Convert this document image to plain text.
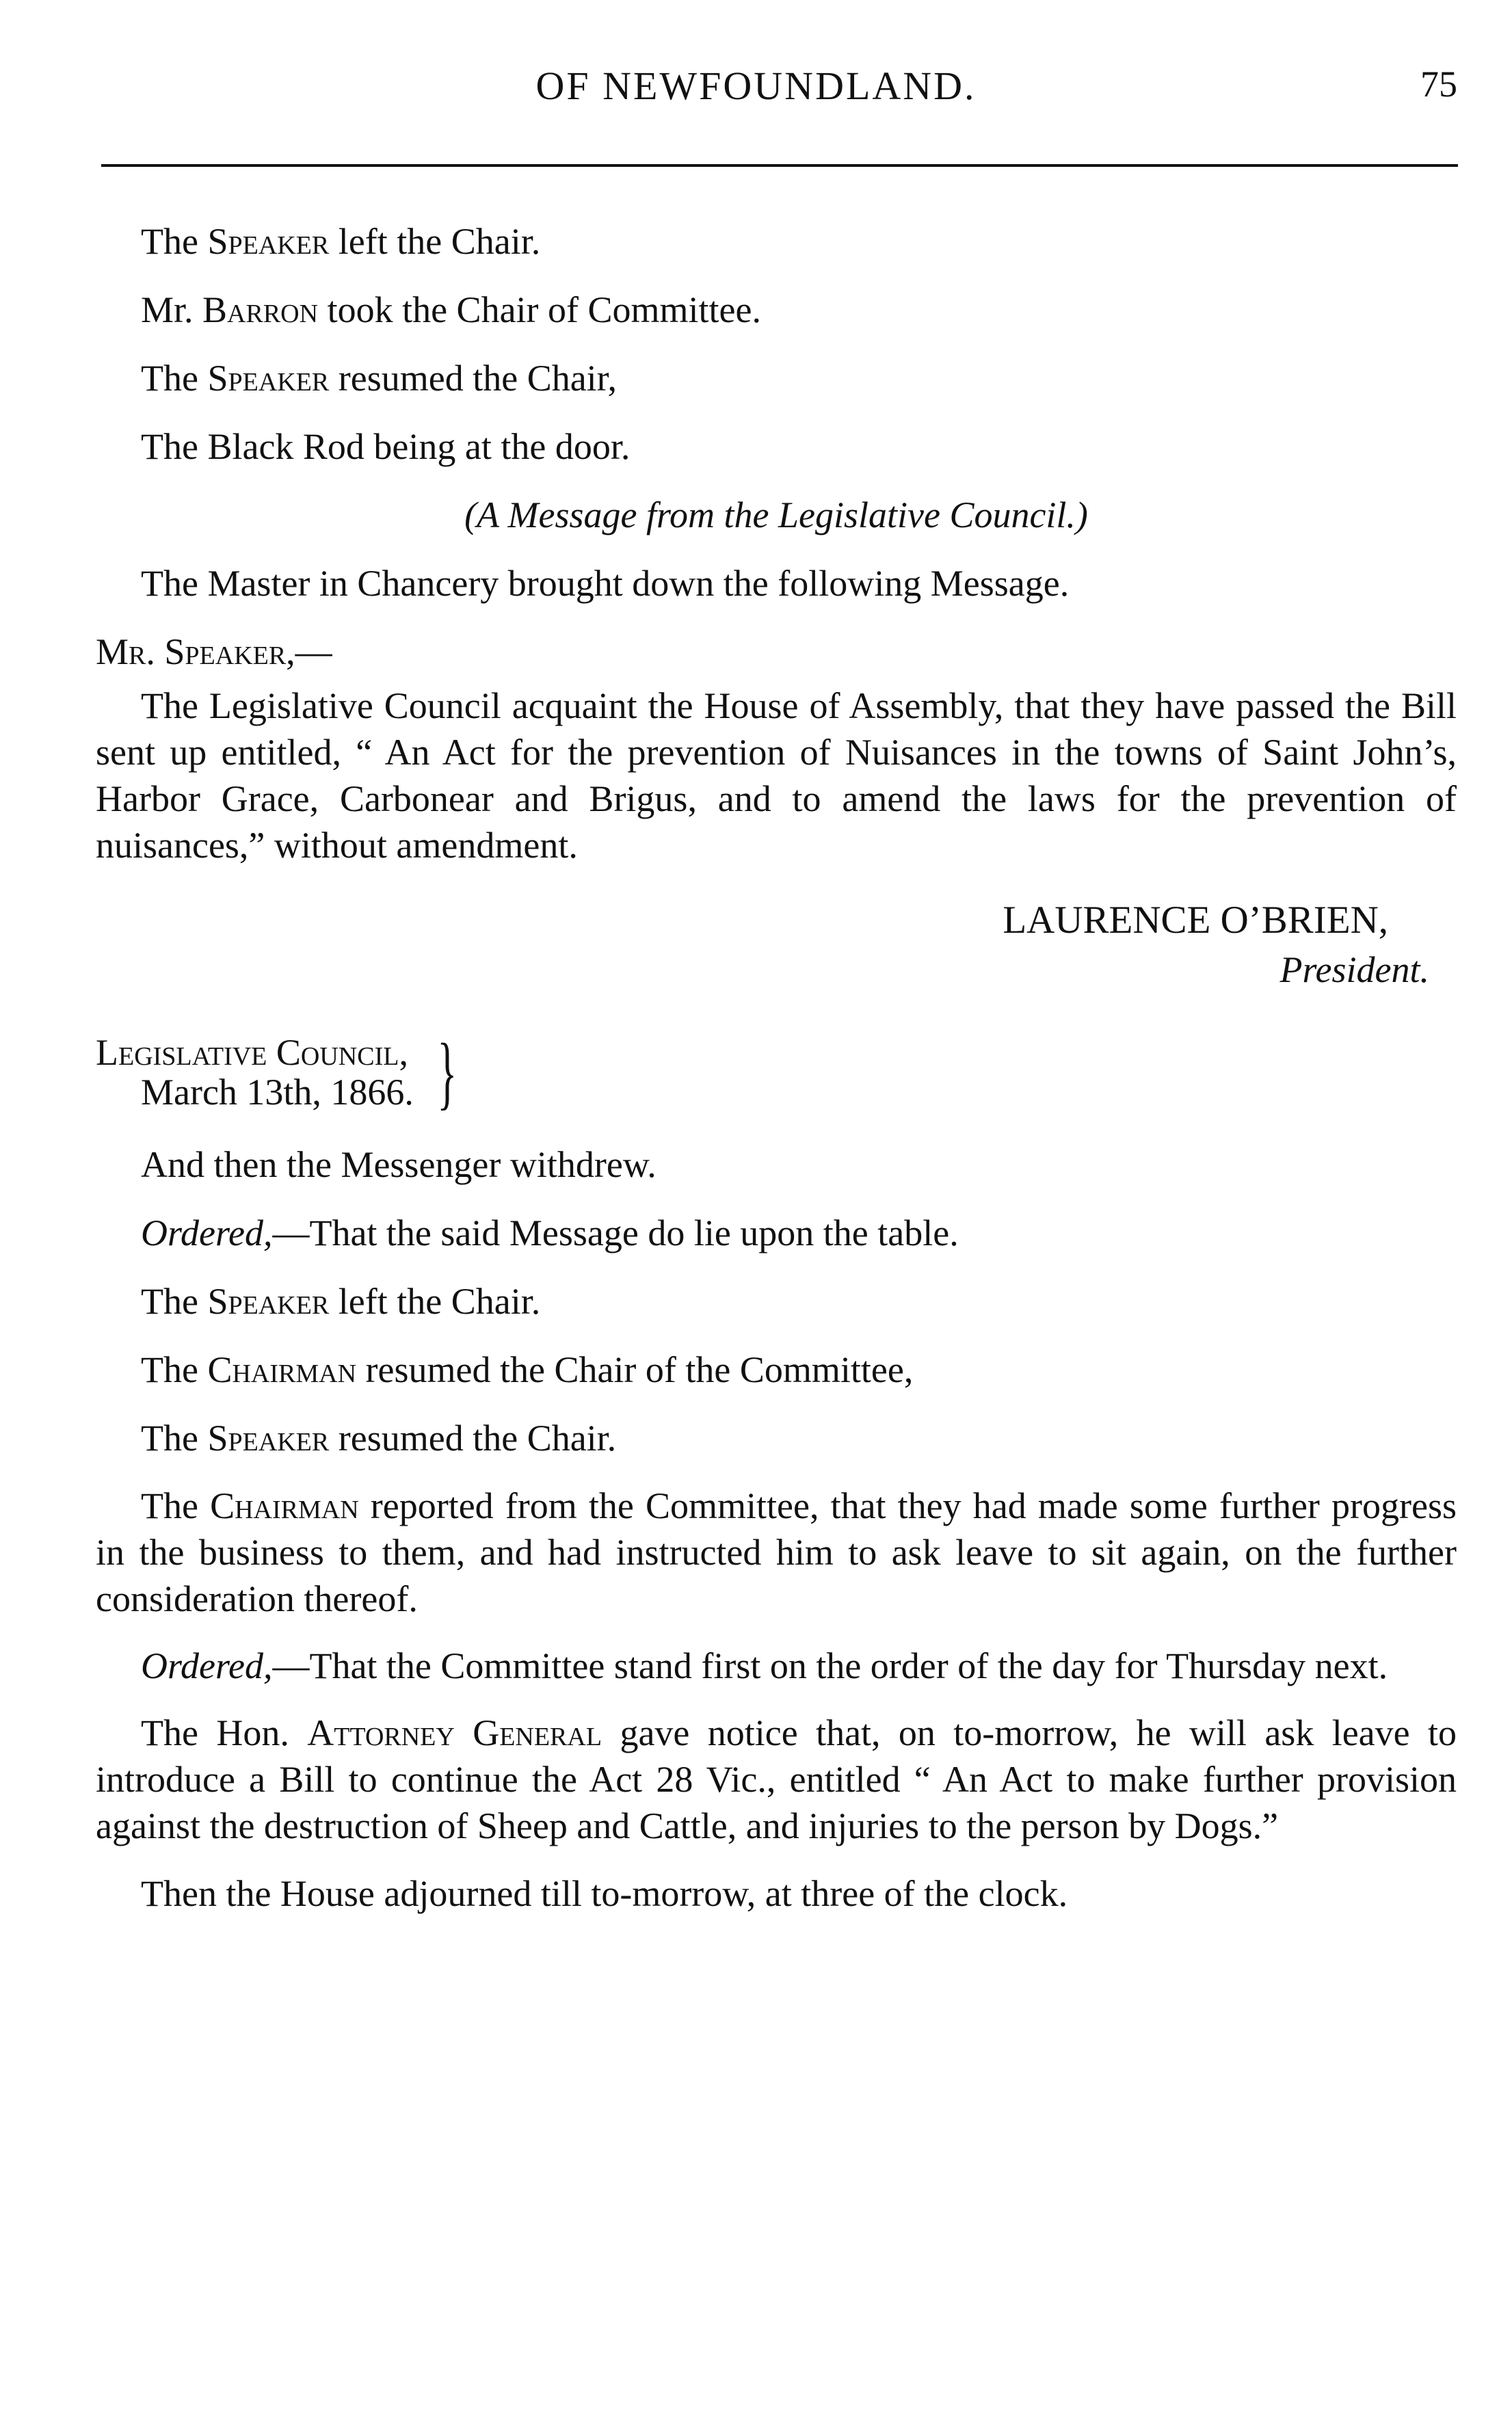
OF NEWFOUNDLAND.	75

The Speaker left the Chair.

Mr. Barron took the Chair of Committee.

The Speaker resumed the Chair,

The Black Rod being at the door.

(A Message from the Legislative Council.)

The Master in Chancery brought down the following Message.

Mr. Speaker,—

The Legislative Council acquaint the House of Assembly, that they have passed the Bill sent up entitled, “ An Act for the prevention of Nuisances in the towns of Saint John’s, Harbor Grace, Carbonear and Brigus, and to amend the laws for the prevention of nuisances,” without amendment.

LAURENCE O’BRIEN,

President.

Legislative Council,
March 13th, 1866. }

And then the Messenger withdrew.

Ordered,—That the said Message do lie upon the table.

The Speaker left the Chair.

The Chairman resumed the Chair of the Committee,

The Speaker resumed the Chair.

The Chairman reported from the Committee, that they had made some further progress in the business to them, and had instructed him to ask leave to sit again, on the further consideration thereof.

Ordered,—That the Committee stand first on the order of the day for Thursday next.

The Hon. Attorney General gave notice that, on to-morrow, he will ask leave to introduce a Bill to continue the Act 28 Vic., entitled “ An Act to make further provision against the destruction of Sheep and Cattle, and injuries to the person by Dogs.”

Then the House adjourned till to-morrow, at three of the clock.
